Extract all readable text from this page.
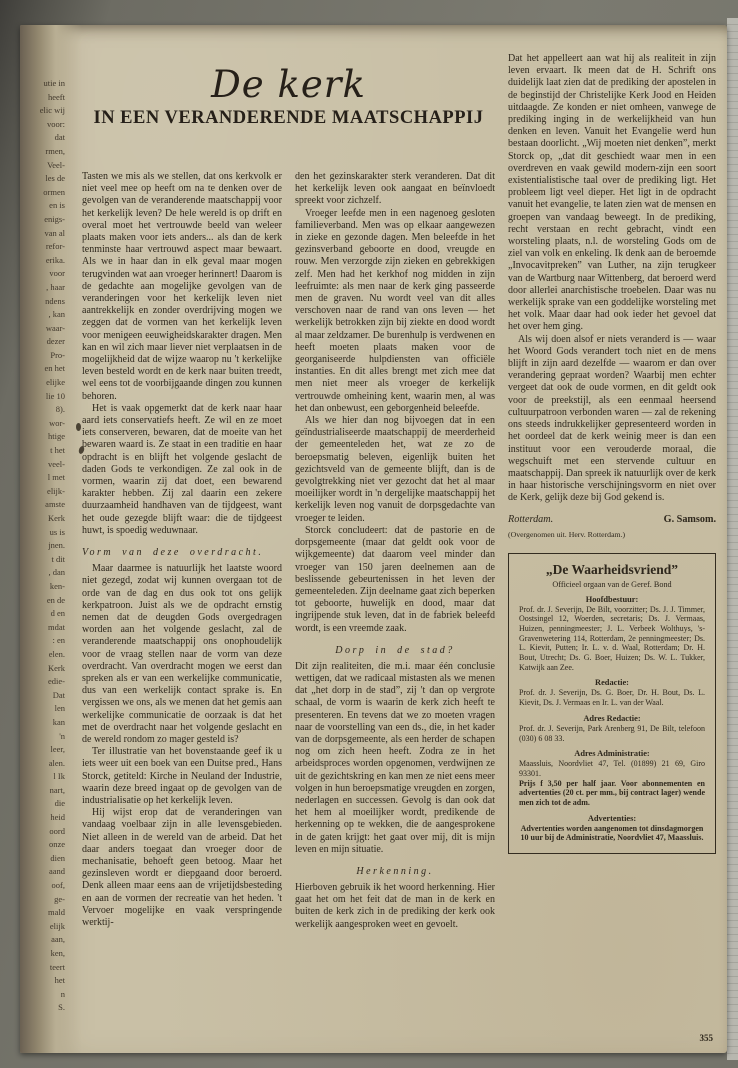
utie in
heeft
elic wij
voor:
dat
rmen,
Veel-
les de
ormen
en is
enigs-
van al
refor-
erika.
voor
, haar
ndens
, kan
waar-
dezer
Pro-
en het
elijke
lie 10
8).
wor-
htige
t het
veel-
l met
elijk-
amste
Kerk
us is
jnen.
t dit
, dan
ken-
en de
d en
mdat
: en
elen.
Kerk
edie-
Dat
len
kan
'n
leer,
alen.
l Ik
nart,
die
heid
oord
onze
dien
aand
oof,
ge-
mald
elijk
aan,
ken,
teert
het
n
S.
De kerk
IN EEN VERANDERENDE MAATSCHAPPIJ

Tasten we mis als we stellen, dat ons kerkvolk er niet veel mee op heeft om na te denken over de gevolgen van de veranderende maatschappij voor het kerkelijk leven? De hele wereld is op drift en overal moet het vertrouwde beeld van weleer plaats maken voor iets anders... als dan de kerk tenminste haar vertrouwd aspect maar bewaart. Als we in haar dan in elk geval maar mogen terugvinden wat aan vroeger herinnert! Daarom is de gedachte aan mogelijke gevolgen van de veranderingen voor het kerkelijk leven niet aantrekkelijk en zonder overdrijving mogen we zeggen dat de vormen van het kerkelijk leven voor menigeen eeuwigheidskarakter dragen. Men kan en wil zich maar liever niet verplaatsen in de mogelijkheid dat de wijze waarop nu 't kerkelijke leven besteld wordt en de kerk naar buiten treedt, wel eens tot de voorbijgaande dingen zou kunnen behoren.

Het is vaak opgemerkt dat de kerk naar haar aard iets conservatiefs heeft. Ze wil en ze moet iets conserveren, bewaren, dat de moeite van het bewaren waard is. Ze staat in een traditie en haar opdracht is en blijft het volgende geslacht de daden Gods te verkondigen. Ze zal ook in de vormen, waarin zij dat doet, een bewarend karakter hebben. Zij zal daarin een zekere duurzaamheid handhaven van de tijdgeest, want het oude gezegde blijft waar: die de tijdgeest huwt, is spoedig weduwnaar.

Vorm van deze overdracht.

Maar daarmee is natuurlijk het laatste woord niet gezegd, zodat wij kunnen overgaan tot de orde van de dag en dus ook tot ons gelijk kerkpatroon. Juist als we de opdracht ernstig nemen dat de deugden Gods overgedragen worden aan het volgende geslacht, zal de veranderende maatschappij ons onophoudelijk voor de vraag stellen naar de vorm van deze overdracht. Van overdracht mogen we eerst dan spreken als er van een werkelijke communicatie, dus van een werkelijk contact sprake is. En vergissen we ons, als we menen dat het gemis aan werkelijke communicatie de oorzaak is dat het met de overdracht naar het volgende geslacht en de wereld rondom zo mager gesteld is?

Ter illustratie van het bovenstaande geef ik u iets weer uit een boek van een Duitse pred., Hans Storck, getiteld: Kirche in Neuland der Industrie, waarin deze breed ingaat op de gevolgen van de industrialisatie op het kerkelijk leven.

Hij wijst erop dat de veranderingen van vandaag voelbaar zijn in alle levensgebieden. Niet alleen in de wereld van de arbeid. Dat het daar anders toegaat dan vroeger door de mechanisatie, behoeft geen betoog. Maar het gezinsleven wordt er diepgaand door beroerd. Denk alleen maar eens aan de vrijetijdsbesteding en aan de vormen der recreatie van het heden. 't Vervoer mogelijke en vaak verspringende werktij-

den het gezinskarakter sterk veranderen. Dat dit het kerkelijk leven ook aangaat en beïnvloedt spreekt voor zichzelf.

Vroeger leefde men in een nagenoeg gesloten familieverband. Men was op elkaar aangewezen in zieke en gezonde dagen. Men beleefde in het gezinsverband geboorte en dood, vreugde en rouw. Men verzorgde zijn zieken en gebrekkigen zelf. Men had het kerkhof nog midden in zijn leefruimte: als men naar de kerk ging passeerde men de graven. Nu wordt veel van dit alles verschoven naar de rand van ons leven — het werkelijk betrokken zijn bij ziekte en dood wordt al maar zeldzamer. De burenhulp is verdwenen en heeft moeten plaats maken voor de georganiseerde hulpdiensten van officiële instanties. En dit alles brengt met zich mee dat men niet meer als vroeger de kerkelijk vertrouwde omheining kent, waarin men, al was het dan onbewust, een geborgenheid beleefde.

Als we hier dan nog bijvoegen dat in een geïndustrialiseerde maatschappij de meerderheid der gemeenteleden het, wat ze zo de beroepsmatig beleven, eigenlijk buiten het gezichtsveld van de gemeente blijft, dan is de gevolgtrekking niet ver gezocht dat het al maar moeilijker wordt in 'n dergelijke maatschappij het kerkelijk leven nog vanuit de dorpsgedachte van vroeger te leiden.

Storck concludeert: dat de pastorie en de dorpsgemeente (maar dat geldt ook voor de wijkgemeente) dat daarom veel minder dan vroeger van 150 jaren deelnemen aan de beslissende gebeurtenissen in het leven der gemeenteleden. Zijn deelname gaat zich beperken tot geboorte, huwelijk en dood, maar dat ingrijpende stuk leven, dat in de fabriek beleefd wordt, is een vreemde zaak.

Dorp in de stad?

Dit zijn realiteiten, die m.i. maar één conclusie wettigen, dat we radicaal mistasten als we menen dat „het dorp in de stad”, zij 't dan op vergrote schaal, de vorm is waarin de kerk zich heeft te presenteren. En tevens dat we zo moeten vragen naar de voorstelling van een ds., die, in het kader van de dorpsgemeente, als een herder de schapen nog om zich heen heeft. Zodra ze in het arbeidsproces worden opgenomen, verdwijnen ze uit de gezichtskring en kan men ze niet eens meer volgen in hun beroepsmatige vreugden en zorgen, nederlagen en successen. Gevolg is dan ook dat het hem al moeilijker wordt, predikende de herkenning op te wekken, die de aangesprokene in de gaten krijgt: het gaat over mij, dit is mijn leven en mijn situatie.

Herkenning.

Hierboven gebruik ik het woord herkenning. Hier gaat het om het feit dat de man in de kerk en buiten de kerk zich in de prediking der kerk ook werkelijk aangesproken weet en gevoelt.

Dat het appelleert aan wat hij als realiteit in zijn leven ervaart. Ik meen dat de H. Schrift ons duidelijk laat zien dat de prediking der apostelen in de beginstijd der Christelijke Kerk Jood en Heiden uitdaagde. Ze konden er niet omheen, vanwege de prediking inging in de werkelijkheid van hun denken en leven. Vanuit het Evangelie werd hun bestaan doorlicht. „Wij moeten niet denken”, merkt Storck op, „dat dit geschiedt waar men in een overdreven en vaak gewild modern-zijn een soort existentialistische taal over de prediking ligt. Het probleem ligt veel dieper. Het ligt in de opdracht vanuit het evangelie, te laten zien wat de mensen en groepen van vandaag beweegt. In de prediking, recht verstaan en recht gebracht, vindt een worsteling plaats, n.l. de worsteling Gods om de ziel van volk en enkeling. Ik denk aan de beroemde „Invocavitpreken” van Luther, na zijn terugkeer van de Wartburg naar Wittenberg, dat beroerd werd door allerlei anarchistische troebelen. Daar was nu werkelijk sprake van een goddelijke worsteling met het volk. Maar daar had ook ieder het gevoel dat het over hem ging.

Als wij doen alsof er niets veranderd is — waar het Woord Gods verandert toch niet en de mens blijft in zijn aard dezelfde — waarom er dan over verandering gepraat worden? Waarbij men echter vergeet dat ook de oude vormen, en dit geldt ook voor de preekstijl, als een eenmaal heersend cultuurpatroon verbonden waren — zal de rekening ons steeds indrukkelijker gepresenteerd worden in het oordeel dat de kerk weinig meer is dan een instituut voor een verouderde moraal, die wegschuift met een stervende cultuur en maatschappij. Dan spreek ik natuurlijk over de kerk in haar historische verschijningsvorm en niet over de Kerk, gelijk deze bij God gekend is.

Rotterdam.	G. Samsom.
(Overgenomen uit. Herv. Rotterdam.)
„De Waarheidsvriend”
Officieel orgaan van de Geref. Bond
Hoofdbestuur:
Prof. dr. J. Severijn, De Bilt, voorzitter; Ds. J. J. Timmer, Oostsingel 12, Woerden, secretaris; Ds. J. Vermaas, Huizen, penningmeester; J. L. Verbeek Wolthuys, 's-Gravenwetering 114, Rotterdam, 2e penningmeester; Ds. L. Kievit, Putten; Ir. L. v. d. Waal, Rotterdam; Dr. H. Bout, Utrecht; Ds. G. Boer, Huizen; Ds. W. L. Tukker, Katwijk aan Zee.
Redactie:
Prof. dr. J. Severijn, Ds. G. Boer, Dr. H. Bout, Ds. L. Kievit, Ds. J. Vermaas en Ir. L. van der Waal.
Adres Redactie:
Prof. dr. J. Severijn, Park Arenberg 91, De Bilt, telefoon (030) 6 08 33.
Adres Administratie:
Maassluis, Noordvliet 47, Tel. (01899) 21 69, Giro 93301.
Prijs f 3,50 per half jaar. Voor abonnementen en advertenties (20 ct. per mm., bij contract lager) wende men zich tot de adm.
Advertenties:
Advertenties worden aangenomen tot dinsdagmorgen 10 uur bij de Administratie, Noordvliet 47, Maassluis.
355
